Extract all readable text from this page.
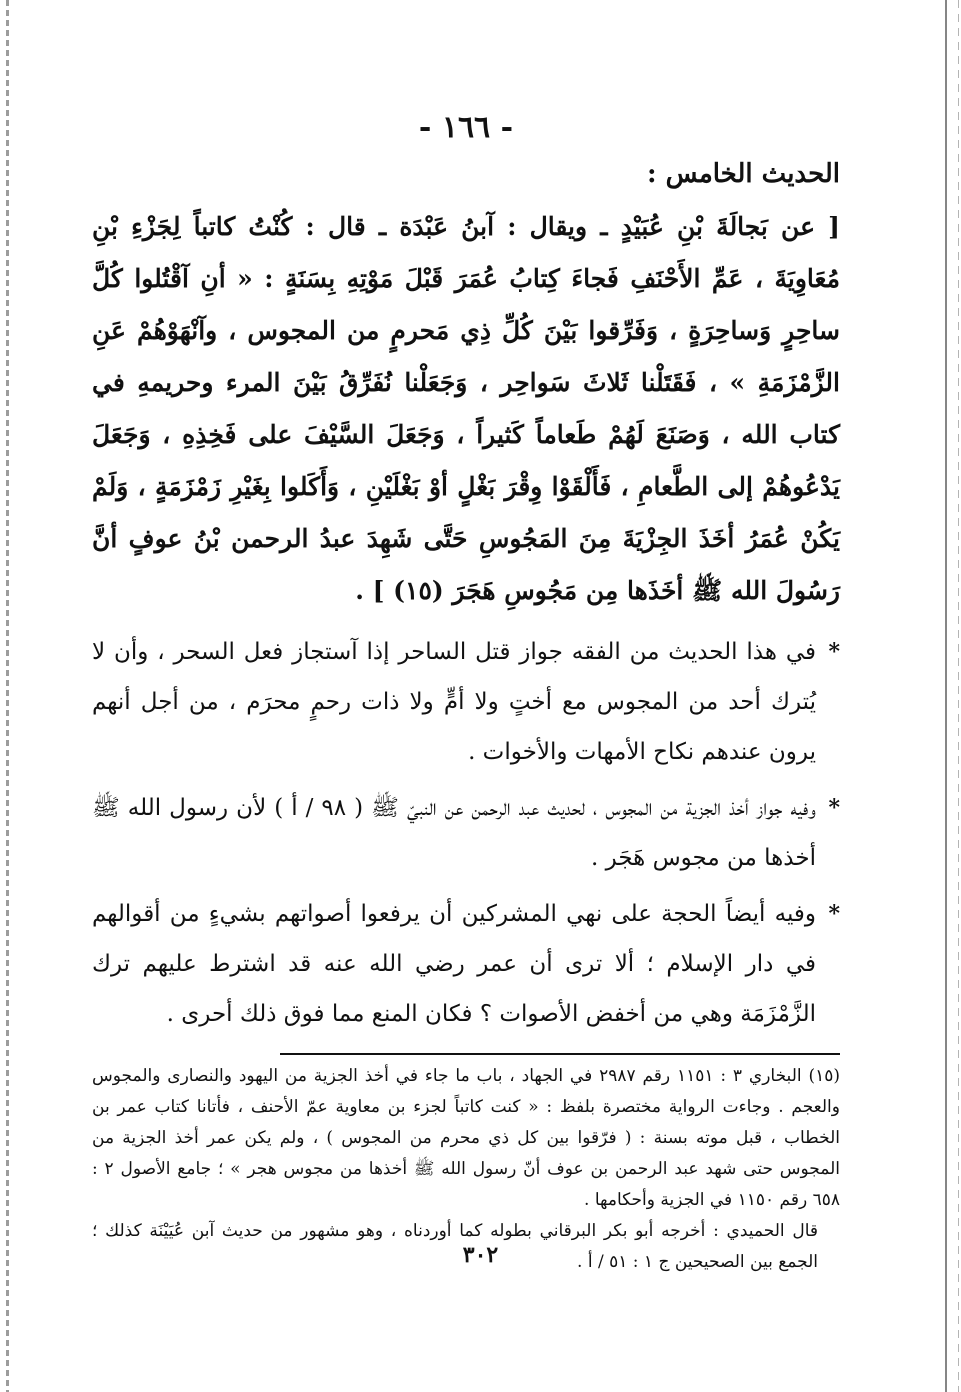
- ١٦٦ -
الحديث الخامس :

[ عن بَجالَةَ بْنِ عُبَيْدٍ ـ ويقال : آبنُ عَبْدَة ـ قال : كُنْتُ كاتباً لِجَزْءِ بْنِ مُعَاوِيَةَ ، عَمِّ الأَحْنَفِ فَجاءَ كِتابُ عُمَرَ قَبْلَ مَوْتِهِ بِسَنَةٍ : « أنِ آقْتُلوا كُلَّ ساحِرٍ وَساحِرَةٍ ، وَفَرِّقوا بَيْنَ كُلِّ ذِي مَحرمٍ من المجوس ، وآنْهَوْهُمْ عَنِ الزَّمْزَمَةِ » ، فَقَتَلْنا ثَلاثَ سَواحِر ، وَجَعَلْنا نُفَرِّقُ بَيْنَ المرء وحريمهِ في كتاب الله ، وَصَنَعَ لَهُمْ طَعاماً كَثيراً ، وَجَعَلَ السَّيْفَ على فَخِذِهِ ، وَجَعَلَ يَدْعُوهُمْ إلى الطَّعامِ ، فَأَلْقَوْا وِقْرَ بَغْلٍ أوْ بَغْلَيْنِ ، وَأَكَلوا بِغَيْرِ زَمْزَمَةٍ ، وَلَمْ يَكُنْ عُمَرُ أخَذَ الجِزْيَةَ مِنَ المَجُوسِ حَتَّى شَهِدَ عبدُ الرحمن بْنُ عوفٍ أنَّ رَسُولَ الله ﷺ أخَذَها مِن مَجُوسِ هَجَرَ (١٥) ] .

*
في هذا الحديث من الفقه جواز قتل الساحر إذا آستجاز فعل السحر ، وأن لا يُترك أحد من المجوس مع أختٍ ولا أمٍّ ولا ذات رحمٍ محرَم ، من أجل أنهم يرون عندهم نكاح الأمهات والأخوات .

*
وفيه جواز أخذ الجزية من المجوس ، لحديث عبد الرحمن عن النبيّ ﷺ ( ٩٨ / أ ) لأن رسول الله ﷺ أخذها من مجوس هَجَر .

*
وفيه أيضاً الحجة على نهي المشركين أن يرفعوا أصواتهم بشيءٍ من أقوالهم في دار الإسلام ؛ ألا ترى أن عمر رضي الله عنه قد اشترط عليهم ترك الزَّمْزَمَة وهي من أخفض الأصوات ؟ فكان المنع مما فوق ذلك أحرى .

(١٥) البخاري ٣ : ١١٥١ رقم ٢٩٨٧ في الجهاد ، باب ما جاء في أخذ الجزية من اليهود والنصارى والمجوس والعجم . وجاءت الرواية مختصرة بلفظ : « كنت كاتباً لجزء بن معاوية عمّ الأحنف ، فأتانا كتاب عمر بن الخطاب ، قبل موته بسنة : ( فرّقوا بين كل ذي محرم من المجوس ) ، ولم يكن عمر أخذ الجزية من المجوس حتى شهد عبد الرحمن بن عوف أنّ رسول الله ﷺ أخذها من مجوس هجر » ؛ جامع الأصول ٢ : ٦٥٨ رقم ١١٥٠ في الجزية وأحكامها .

قال الحميدي : أخرجه أبو بكر البرقاني بطوله كما أوردناه ، وهو مشهور من حديث آبن عُيَيْنَة كذلك ؛ الجمع بين الصحيحين ج ١ : ٥١ / أ .

٣٠٢
